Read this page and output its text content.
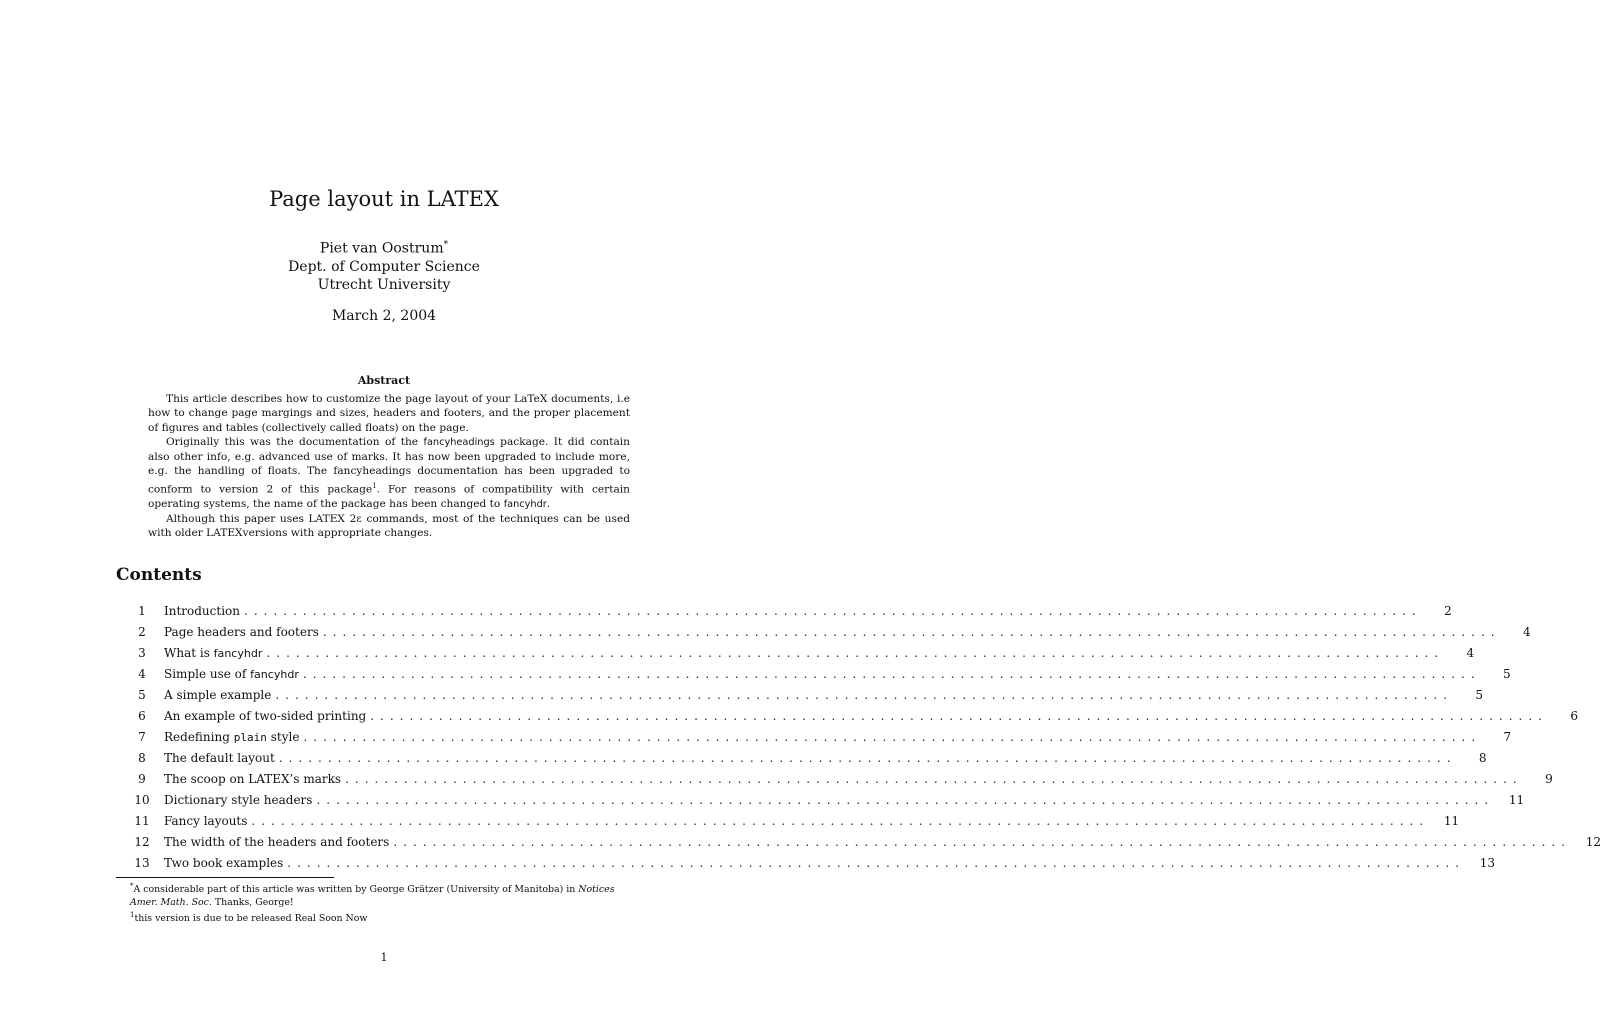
Page layout in LATEX
Piet van Oostrum*
Dept. of Computer Science
Utrecht University
March 2, 2004
Abstract

This article describes how to customize the page layout of your LaTeX documents, i.e how to change page margings and sizes, headers and footers, and the proper placement of figures and tables (collectively called floats) on the page.

Originally this was the documentation of the fancyheadings package. It did contain also other info, e.g. advanced use of marks. It has now been upgraded to include more, e.g. the handling of floats. The fancyheadings documentation has been upgraded to conform to version 2 of this package$^1$. For reasons of compatibility with certain operating systems, the name of the package has been changed to fancyhdr.

Although this paper uses LATEX 2ε commands, most of the techniques can be used with older LATEXversions with appropriate changes.

Contents
1	Introduction ........................................................................................................................	2
2	Page headers and footers ........................................................................................................................	4
3	What is fancyhdr ........................................................................................................................	4
4	Simple use of fancyhdr ........................................................................................................................	5
5	A simple example ........................................................................................................................	5
6	An example of two-sided printing ........................................................................................................................	6
7	Redefining plain style ........................................................................................................................	7
8	The default layout ........................................................................................................................	8
9	The scoop on LATEX’s marks ........................................................................................................................	9
10	Dictionary style headers ........................................................................................................................	11
11	Fancy layouts ........................................................................................................................	11
12	The width of the headers and footers ........................................................................................................................	12
13	Two book examples ........................................................................................................................	13
*A considerable part of this article was written by George Grätzer (University of Manitoba) in Notices Amer. Math. Soc. Thanks, George!
$^1$this version is due to be released Real Soon Now
1
